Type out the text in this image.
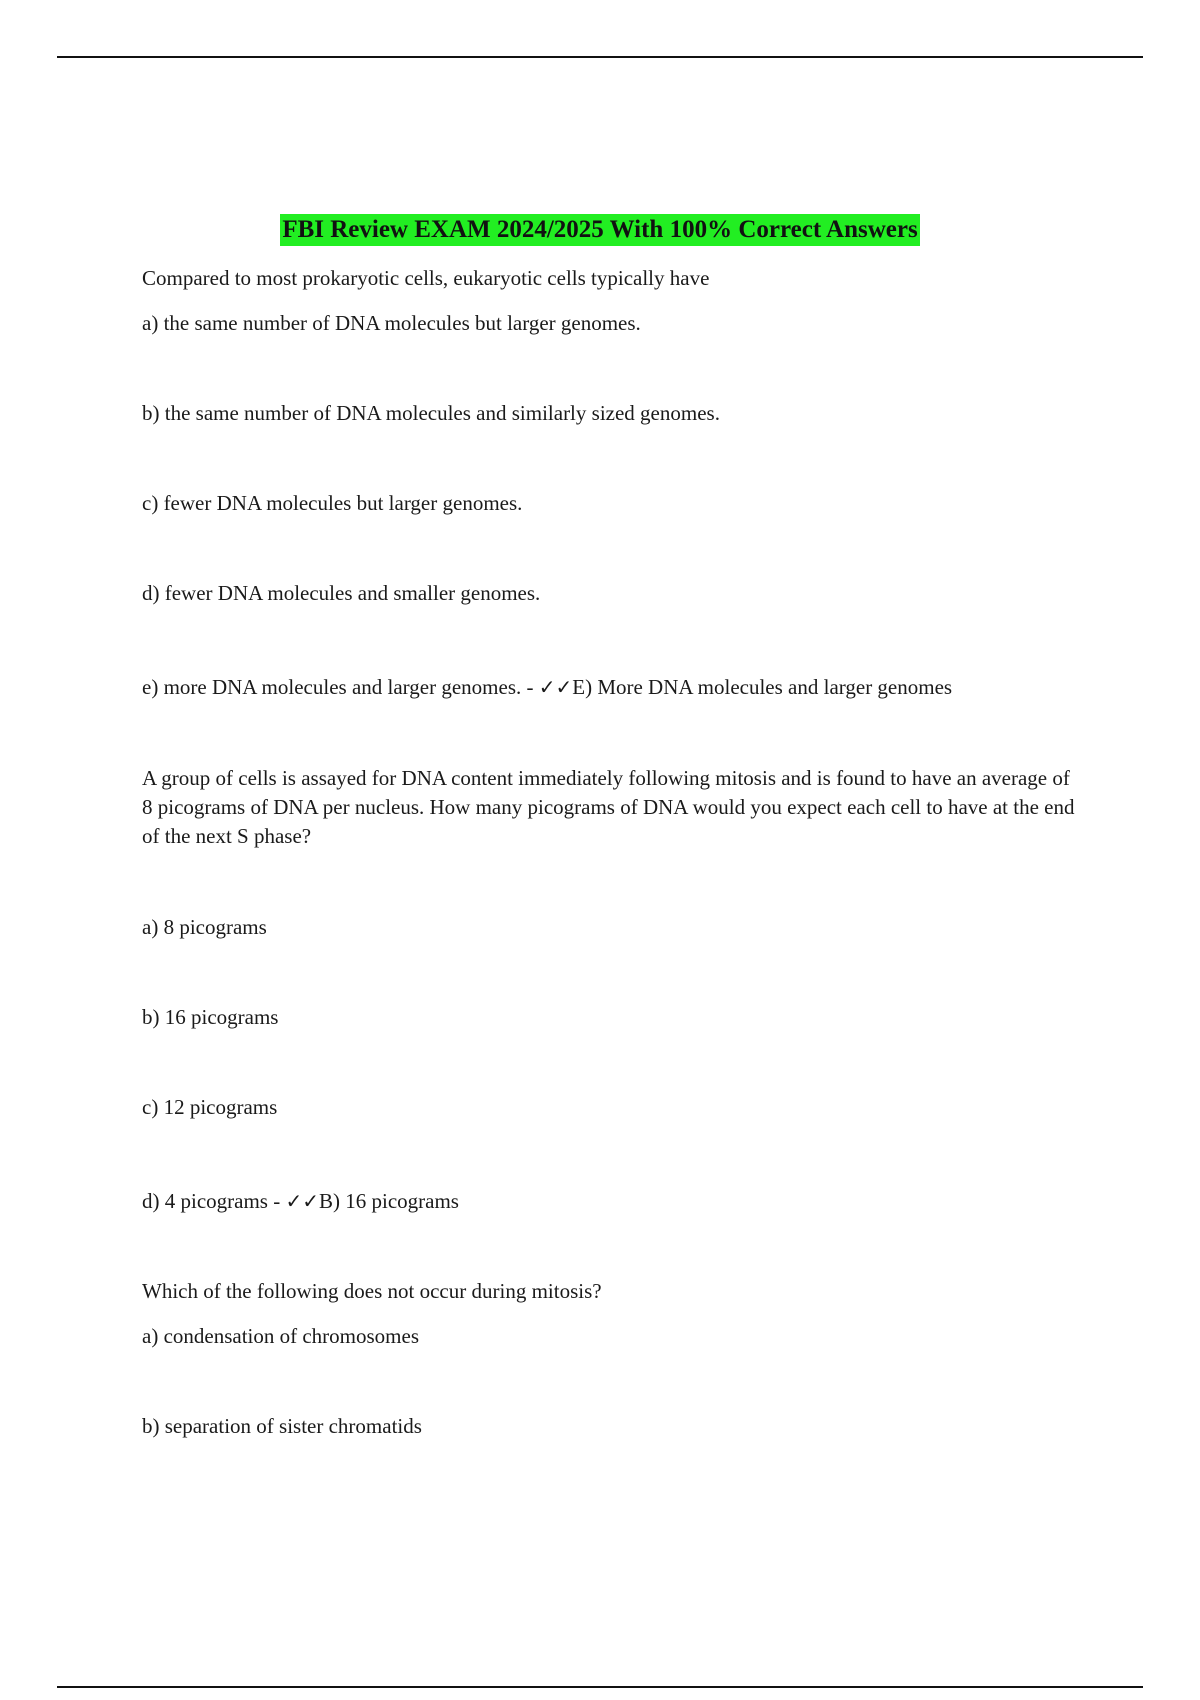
FBI Review EXAM 2024/2025 With 100% Correct Answers
Compared to most prokaryotic cells, eukaryotic cells typically have
a) the same number of DNA molecules but larger genomes.
b) the same number of DNA molecules and similarly sized genomes.
c) fewer DNA molecules but larger genomes.
d) fewer DNA molecules and smaller genomes.
e) more DNA molecules and larger genomes. - ✓✓E) More DNA molecules and larger genomes
A group of cells is assayed for DNA content immediately following mitosis and is found to have an average of 8 picograms of DNA per nucleus. How many picograms of DNA would you expect each cell to have at the end of the next S phase?
a) 8 picograms
b) 16 picograms
c) 12 picograms
d) 4 picograms - ✓✓B) 16 picograms
Which of the following does not occur during mitosis?
a) condensation of chromosomes
b) separation of sister chromatids
